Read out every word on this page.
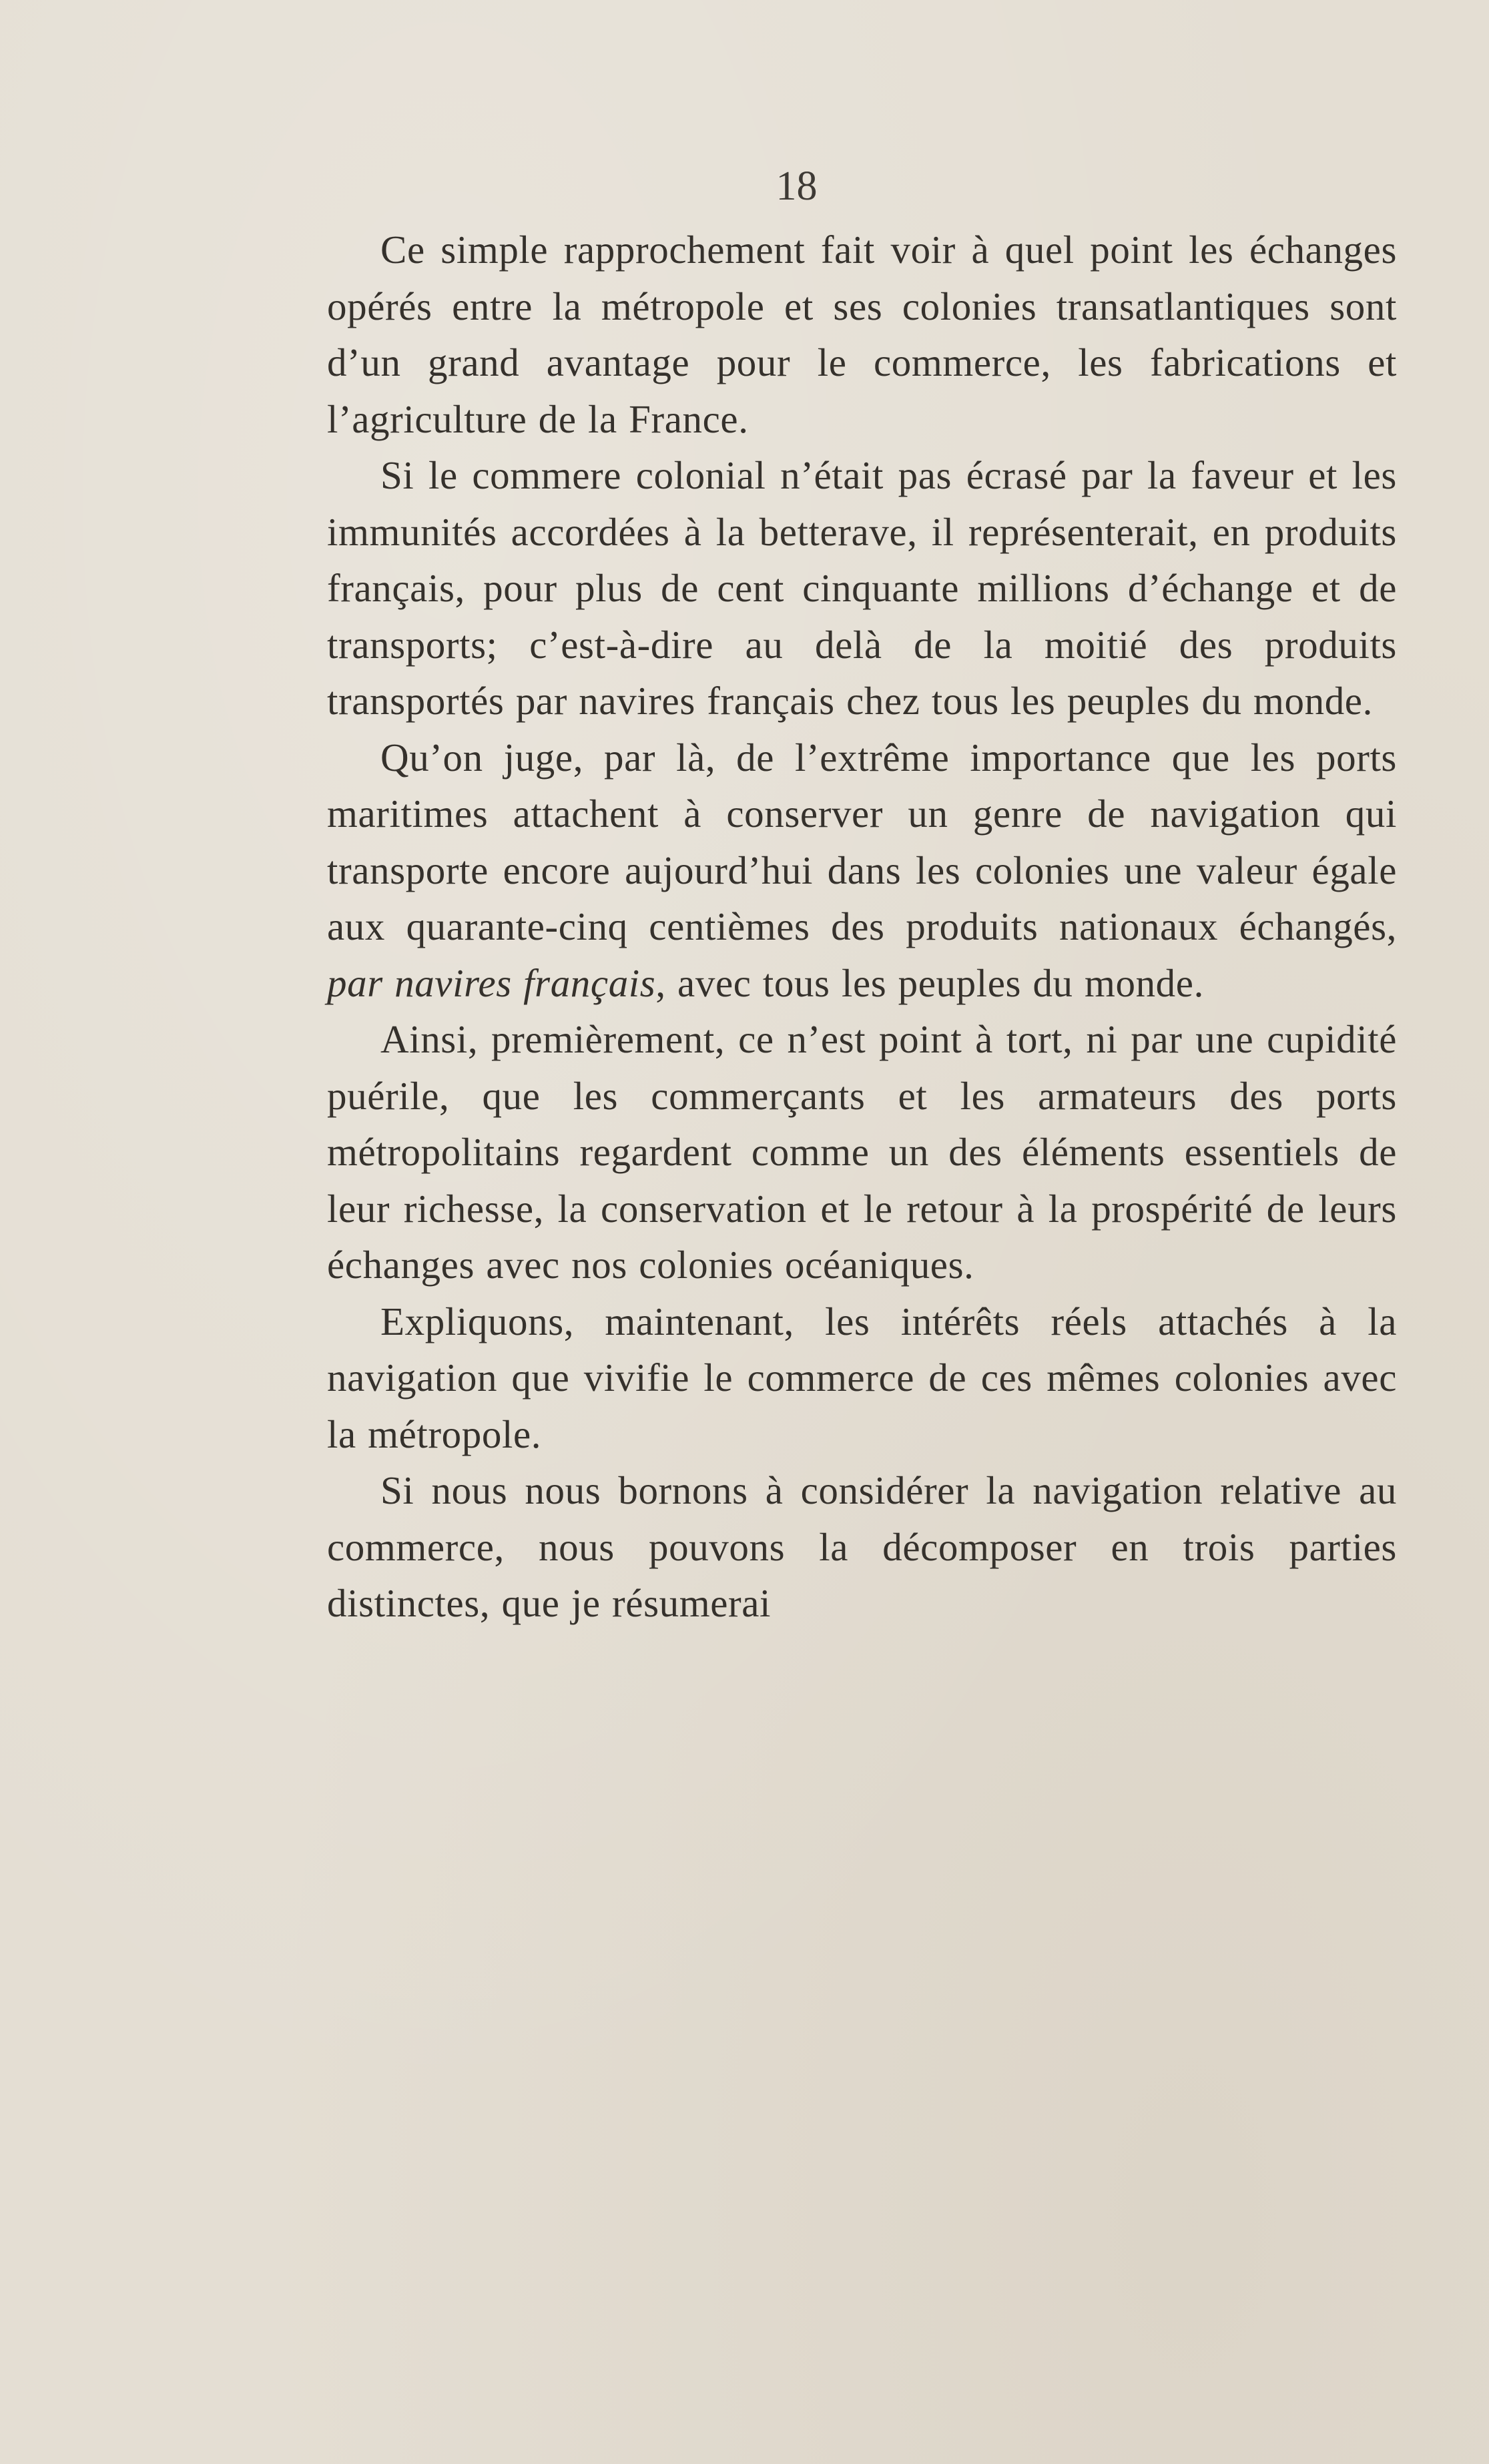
18

Ce simple rapprochement fait voir à quel point les échanges opérés entre la métropole et ses colonies transatlantiques sont d’un grand avantage pour le commerce, les fabrications et l’agriculture de la France.

Si le commere colonial n’était pas écrasé par la faveur et les immunités accordées à la betterave, il représenterait, en produits français, pour plus de cent cinquante millions d’échange et de transports; c’est-à-dire au delà de la moitié des produits transportés par navires français chez tous les peuples du monde.

Qu’on juge, par là, de l’extrême importance que les ports maritimes attachent à conserver un genre de navigation qui transporte encore aujourd’hui dans les colonies une valeur égale aux quarante-cinq centièmes des produits nationaux échangés, par navires français, avec tous les peuples du monde.

Ainsi, premièrement, ce n’est point à tort, ni par une cupidité puérile, que les commerçants et les armateurs des ports métropolitains regardent comme un des éléments essentiels de leur richesse, la conservation et le retour à la prospérité de leurs échanges avec nos colonies océaniques.

Expliquons, maintenant, les intérêts réels attachés à la navigation que vivifie le commerce de ces mêmes colonies avec la métropole.

Si nous nous bornons à considérer la navigation relative au commerce, nous pouvons la décomposer en trois parties distinctes, que je résumerai
